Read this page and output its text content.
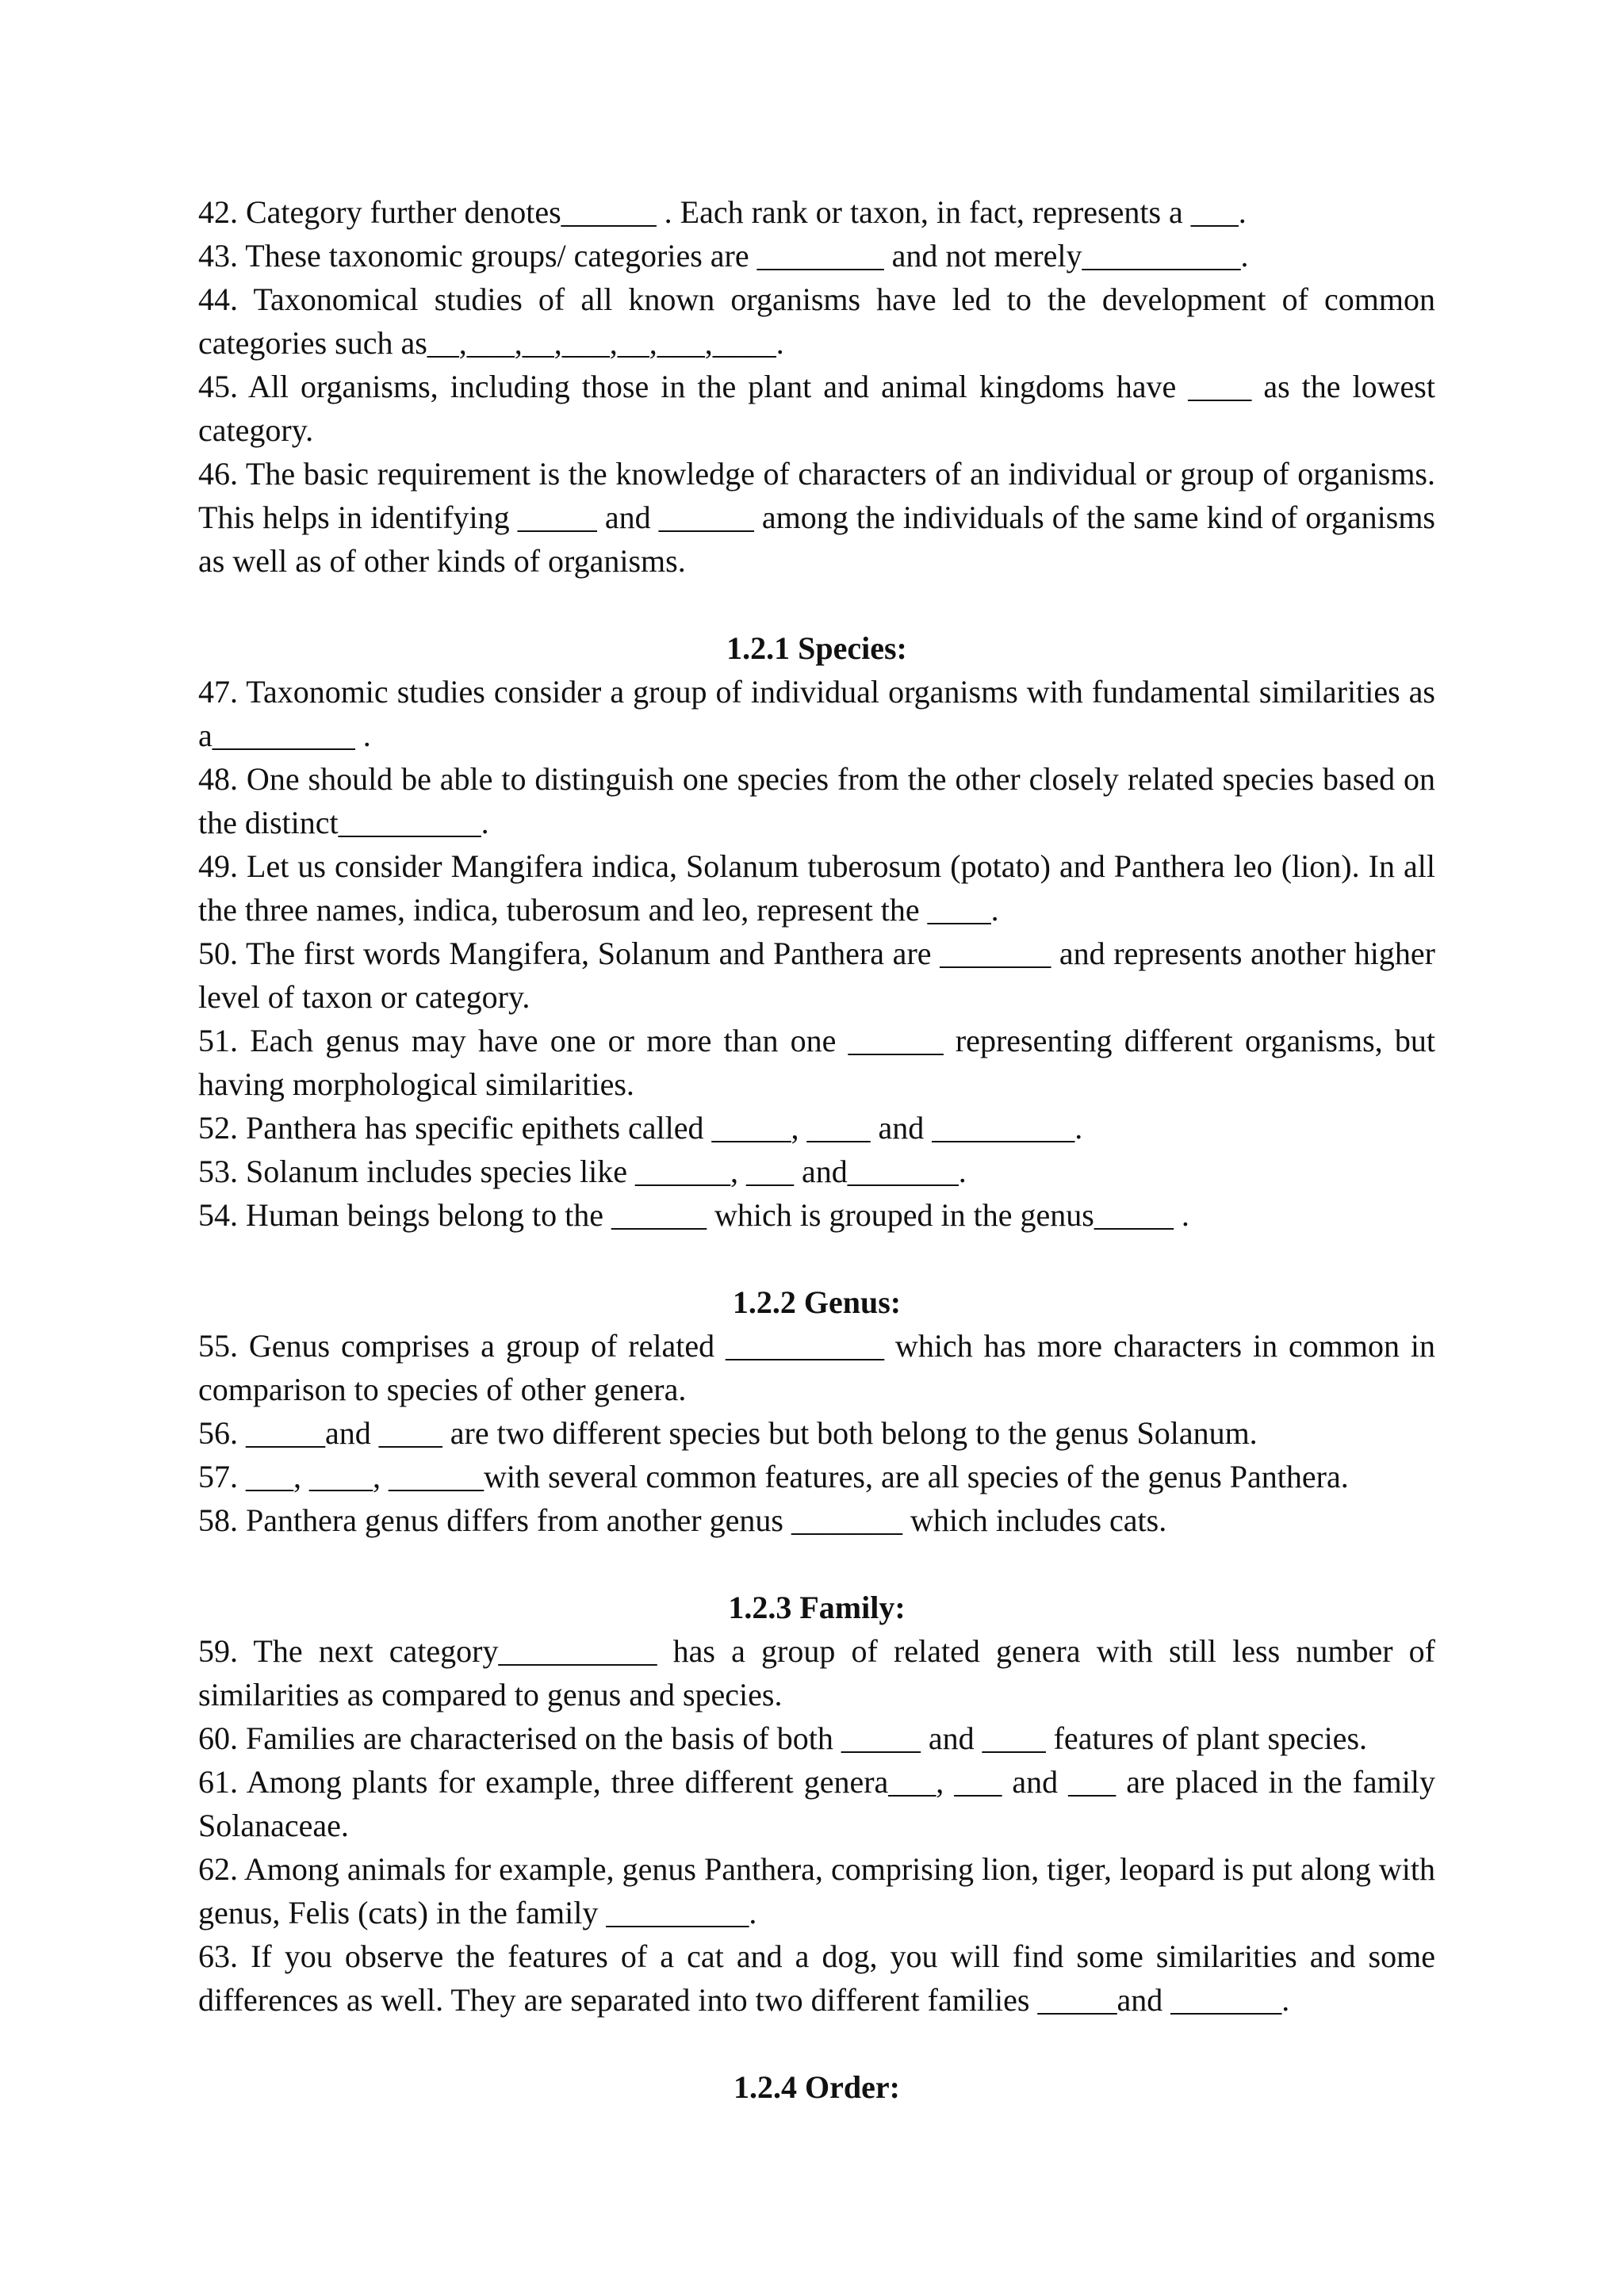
42. Category further denotes______ . Each rank or taxon, in fact, represents a ___.

43. These taxonomic groups/ categories are ________ and not merely__________.

44. Taxonomical studies of all known organisms have led to the development of common categories such as__,___,__,___,__,___,____.

45. All organisms, including those in the plant and animal kingdoms have ____ as the lowest category.

46. The basic requirement is the knowledge of characters of an individual or group of organisms. This helps in identifying _____ and ______ among the individuals of the same kind of organisms as well as of other kinds of organisms.

1.2.1 Species:

47. Taxonomic studies consider a group of individual organisms with fundamental similarities as a_________ .

48. One should be able to distinguish one species from the other closely related species based on the distinct_________.

49. Let us consider Mangifera indica, Solanum tuberosum (potato) and Panthera leo (lion). In all the three names, indica, tuberosum and leo, represent the ____.

50. The first words Mangifera, Solanum and Panthera are _______ and represents another higher level of taxon or category.

51. Each genus may have one or more than one ______ representing different organisms, but having morphological similarities.

52. Panthera has specific epithets called _____, ____ and _________.

53. Solanum includes species like ______, ___ and_______.

54. Human beings belong to the ______ which is grouped in the genus_____ .

1.2.2 Genus:

55. Genus comprises a group of related __________ which has more characters in common in comparison to species of other genera.

56. _____and ____ are two different species but both belong to the genus Solanum.

57. ___, ____, ______with several common features, are all species of the genus Panthera.

58. Panthera genus differs from another genus _______ which includes cats.

1.2.3 Family:

59. The next category__________ has a group of related genera with still less number of similarities as compared to genus and species.

60. Families are characterised on the basis of both _____ and ____ features of plant species.

61. Among plants for example, three different genera___, ___ and ___ are placed in the family Solanaceae.

62. Among animals for example, genus Panthera, comprising lion, tiger, leopard is put along with genus, Felis (cats) in the family _________.

63. If you observe the features of a cat and a dog, you will find some similarities and some differences as well. They are separated into two different families _____and _______.

1.2.4 Order:
